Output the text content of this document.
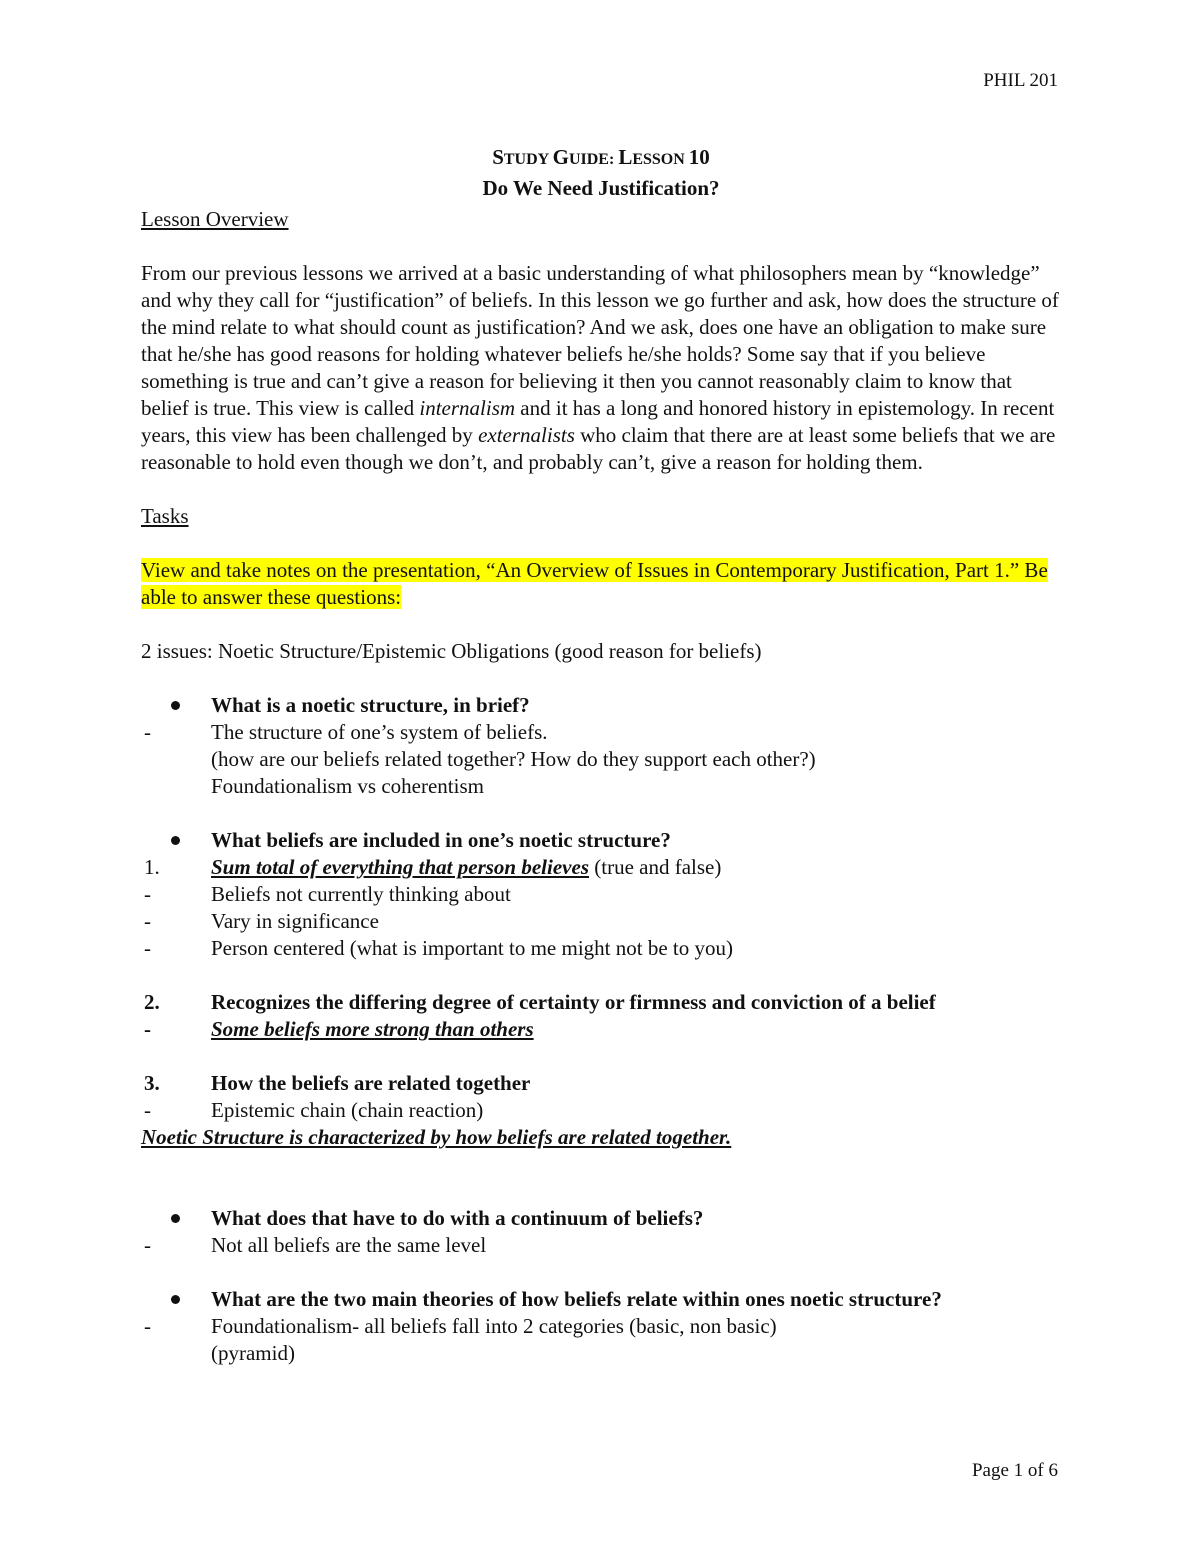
PHIL 201
STUDY GUIDE: LESSON 10
Do We Need Justification?

Lesson Overview

From our previous lessons we arrived at a basic understanding of what philosophers mean by “knowledge” and why they call for “justification” of beliefs. In this lesson we go further and ask, how does the structure of the mind relate to what should count as justification? And we ask, does one have an obligation to make sure that he/she has good reasons for holding whatever beliefs he/she holds? Some say that if you believe something is true and can’t give a reason for believing it then you cannot reasonably claim to know that belief is true. This view is called internalism and it has a long and honored history in epistemology. In recent years, this view has been challenged by externalists who claim that there are at least some beliefs that we are reasonable to hold even though we don’t, and probably can’t, give a reason for holding them.

Tasks

View and take notes on the presentation, “An Overview of Issues in Contemporary Justification, Part 1.” Be able to answer these questions:

2 issues: Noetic Structure/Epistemic Obligations (good reason for beliefs)

What is a noetic structure, in brief?
-	The structure of one’s system of beliefs.
(how are our beliefs related together? How do they support each other?)
Foundationalism vs coherentism
What beliefs are included in one’s noetic structure?
1. Sum total of everything that person believes (true and false)
-	Beliefs not currently thinking about
-	Vary in significance
-	Person centered (what is important to me might not be to you)
2. Recognizes the differing degree of certainty or firmness and conviction of a belief
-	Some beliefs more strong than others
3. How the beliefs are related together
-	Epistemic chain (chain reaction)

Noetic Structure is characterized by how beliefs are related together.

What does that have to do with a continuum of beliefs?
-	Not all beliefs are the same level
What are the two main theories of how beliefs relate within ones noetic structure?
-	Foundationalism- all beliefs fall into 2 categories (basic, non basic)
(pyramid)
Page 1 of 6
